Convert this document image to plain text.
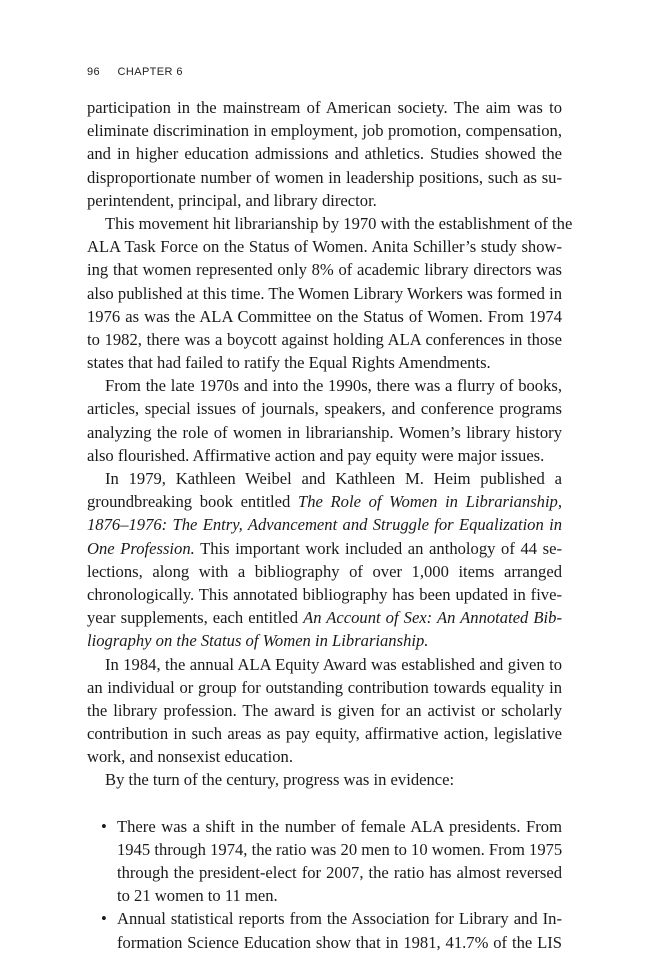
96 CHAPTER 6
participation in the mainstream of American society. The aim was to
eliminate discrimination in employment, job promotion, compensation,
and in higher education admissions and athletics. Studies showed the
disproportionate number of women in leadership positions, such as su-
perintendent, principal, and library director.
This movement hit librarianship by 1970 with the establishment of the
ALA Task Force on the Status of Women. Anita Schiller’s study show-
ing that women represented only 8% of academic library directors was
also published at this time. The Women Library Workers was formed in
1976 as was the ALA Committee on the Status of Women. From 1974
to 1982, there was a boycott against holding ALA conferences in those
states that had failed to ratify the Equal Rights Amendments.
From the late 1970s and into the 1990s, there was a flurry of books,
articles, special issues of journals, speakers, and conference programs
analyzing the role of women in librarianship. Women’s library history
also flourished. Affirmative action and pay equity were major issues.
In 1979, Kathleen Weibel and Kathleen M. Heim published a
groundbreaking book entitled The Role of Women in Librarianship,
1876–1976: The Entry, Advancement and Struggle for Equalization in
One Profession. This important work included an anthology of 44 se-
lections, along with a bibliography of over 1,000 items arranged
chronologically. This annotated bibliography has been updated in five-
year supplements, each entitled An Account of Sex: An Annotated Bib-
liography on the Status of Women in Librarianship.
In 1984, the annual ALA Equity Award was established and given to
an individual or group for outstanding contribution towards equality in
the library profession. The award is given for an activist or scholarly
contribution in such areas as pay equity, affirmative action, legislative
work, and nonsexist education.
By the turn of the century, progress was in evidence:
• There was a shift in the number of female ALA presidents. From
1945 through 1974, the ratio was 20 men to 10 women. From 1975
through the president-elect for 2007, the ratio has almost reversed
to 21 women to 11 men.
• Annual statistical reports from the Association for Library and In-
formation Science Education show that in 1981, 41.7% of the LIS
